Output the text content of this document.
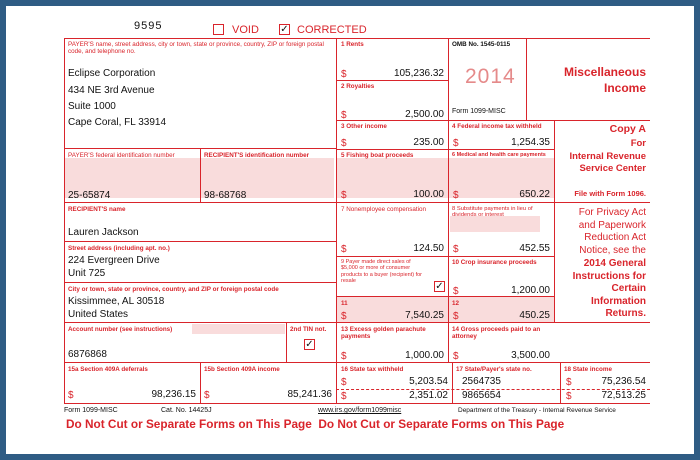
9595	VOID ✓ CORRECTED
PAYER'S name, street address, city or town, state or province, country, ZIP or foreign postal code, and telephone no.
Eclipse Corporation
434 NE 3rd Avenue
Suite 1000
Cape Coral, FL 33914
1 Rents
$	105,236.32
2 Royalties
$	2,500.00
OMB No. 1545-0115
2014
Form 1099-MISC
Miscellaneous
Income
3 Other income
$	235.00
4 Federal income tax withheld
$	1,254.35
Copy A
For
Internal Revenue
Service Center
File with Form 1096.
For Privacy Act
and Paperwork
Reduction Act
Notice, see the
2014 General
Instructions for
Certain
Information
Returns.
PAYER'S federal identification number
25-65874
RECIPIENT'S identification number
98-68768
5 Fishing boat proceeds
$	100.00
6 Medical and health care payments
$	650.22
RECIPIENT'S name
Lauren Jackson
Street address (including apt. no.)
224 Evergreen Drive
Unit 725
City or town, state or province, country, and ZIP or foreign postal code
Kissimmee, AL 30518
United States
7 Nonemployee compensation
$	124.50
8 Substitute payments in lieu of dividends or interest
$	452.55
9 Payer made direct sales of $5,000 or more of consumer products to a buyer (recipient) for resale	✓
10 Crop insurance proceeds
$	1,200.00
11
$	7,540.25
12
$	450.25
Account number (see instructions)
6876868
2nd TIN not.
✓
13 Excess golden parachute payments
$	1,000.00
14 Gross proceeds paid to an attorney
$	3,500.00
15a Section 409A deferrals
$	98,236.15
15b Section 409A income
$	85,241.36
16 State tax withheld
$	5,203.54
$	2,351.02
17 State/Payer's state no.
2564735
9865654
18 State income
$	75,236.54
$	72,513.25
Form 1099-MISC	Cat. No. 14425J	www.irs.gov/form1099misc	Department of the Treasury - Internal Revenue Service
Do Not Cut or Separate Forms on This Page  Do Not Cut or Separate Forms on This Page
